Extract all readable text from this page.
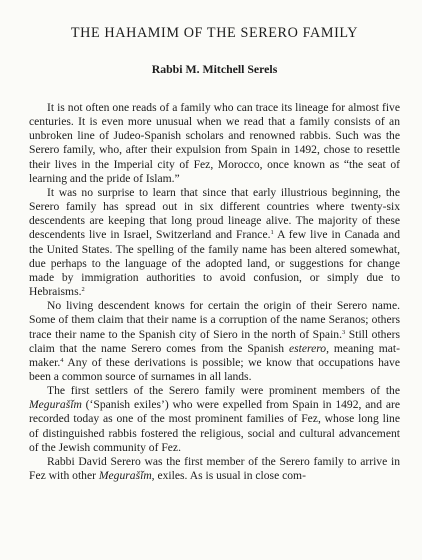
THE HAHAMIM OF THE SERERO FAMILY
Rabbi M. Mitchell Serels

It is not often one reads of a family who can trace its lineage for almost five centuries. It is even more unusual when we read that a family consists of an unbroken line of Judeo-Spanish scholars and renowned rabbis. Such was the Serero family, who, after their expulsion from Spain in 1492, chose to resettle their lives in the Imperial city of Fez, Morocco, once known as “the seat of learning and the pride of Islam.”

It was no surprise to learn that since that early illustrious beginning, the Serero family has spread out in six different countries where twenty-six descendents are keeping that long proud lineage alive. The majority of these descendents live in Israel, Switzerland and France.$^1$ A few live in Canada and the United States. The spelling of the family name has been altered somewhat, due perhaps to the language of the adopted land, or suggestions for change made by immigration authorities to avoid confusion, or simply due to Hebraisms.$^2$

No living descendent knows for certain the origin of their Serero name. Some of them claim that their name is a corruption of the name Seranos; others trace their name to the Spanish city of Siero in the north of Spain.$^3$ Still others claim that the name Serero comes from the Spanish esterero, meaning mat-maker.$^4$ Any of these derivations is possible; we know that occupations have been a common source of surnames in all lands.

The first settlers of the Serero family were prominent members of the Meguraš̌im (‘Spanish exiles’) who were expelled from Spain in 1492, and are recorded today as one of the most prominent families of Fez, whose long line of distinguished rabbis fostered the religious, social and cultural advancement of the Jewish community of Fez.

Rabbi David Serero was the first member of the Serero family to arrive in Fez with other Meguraš̌im, exiles. As is usual in close com-
